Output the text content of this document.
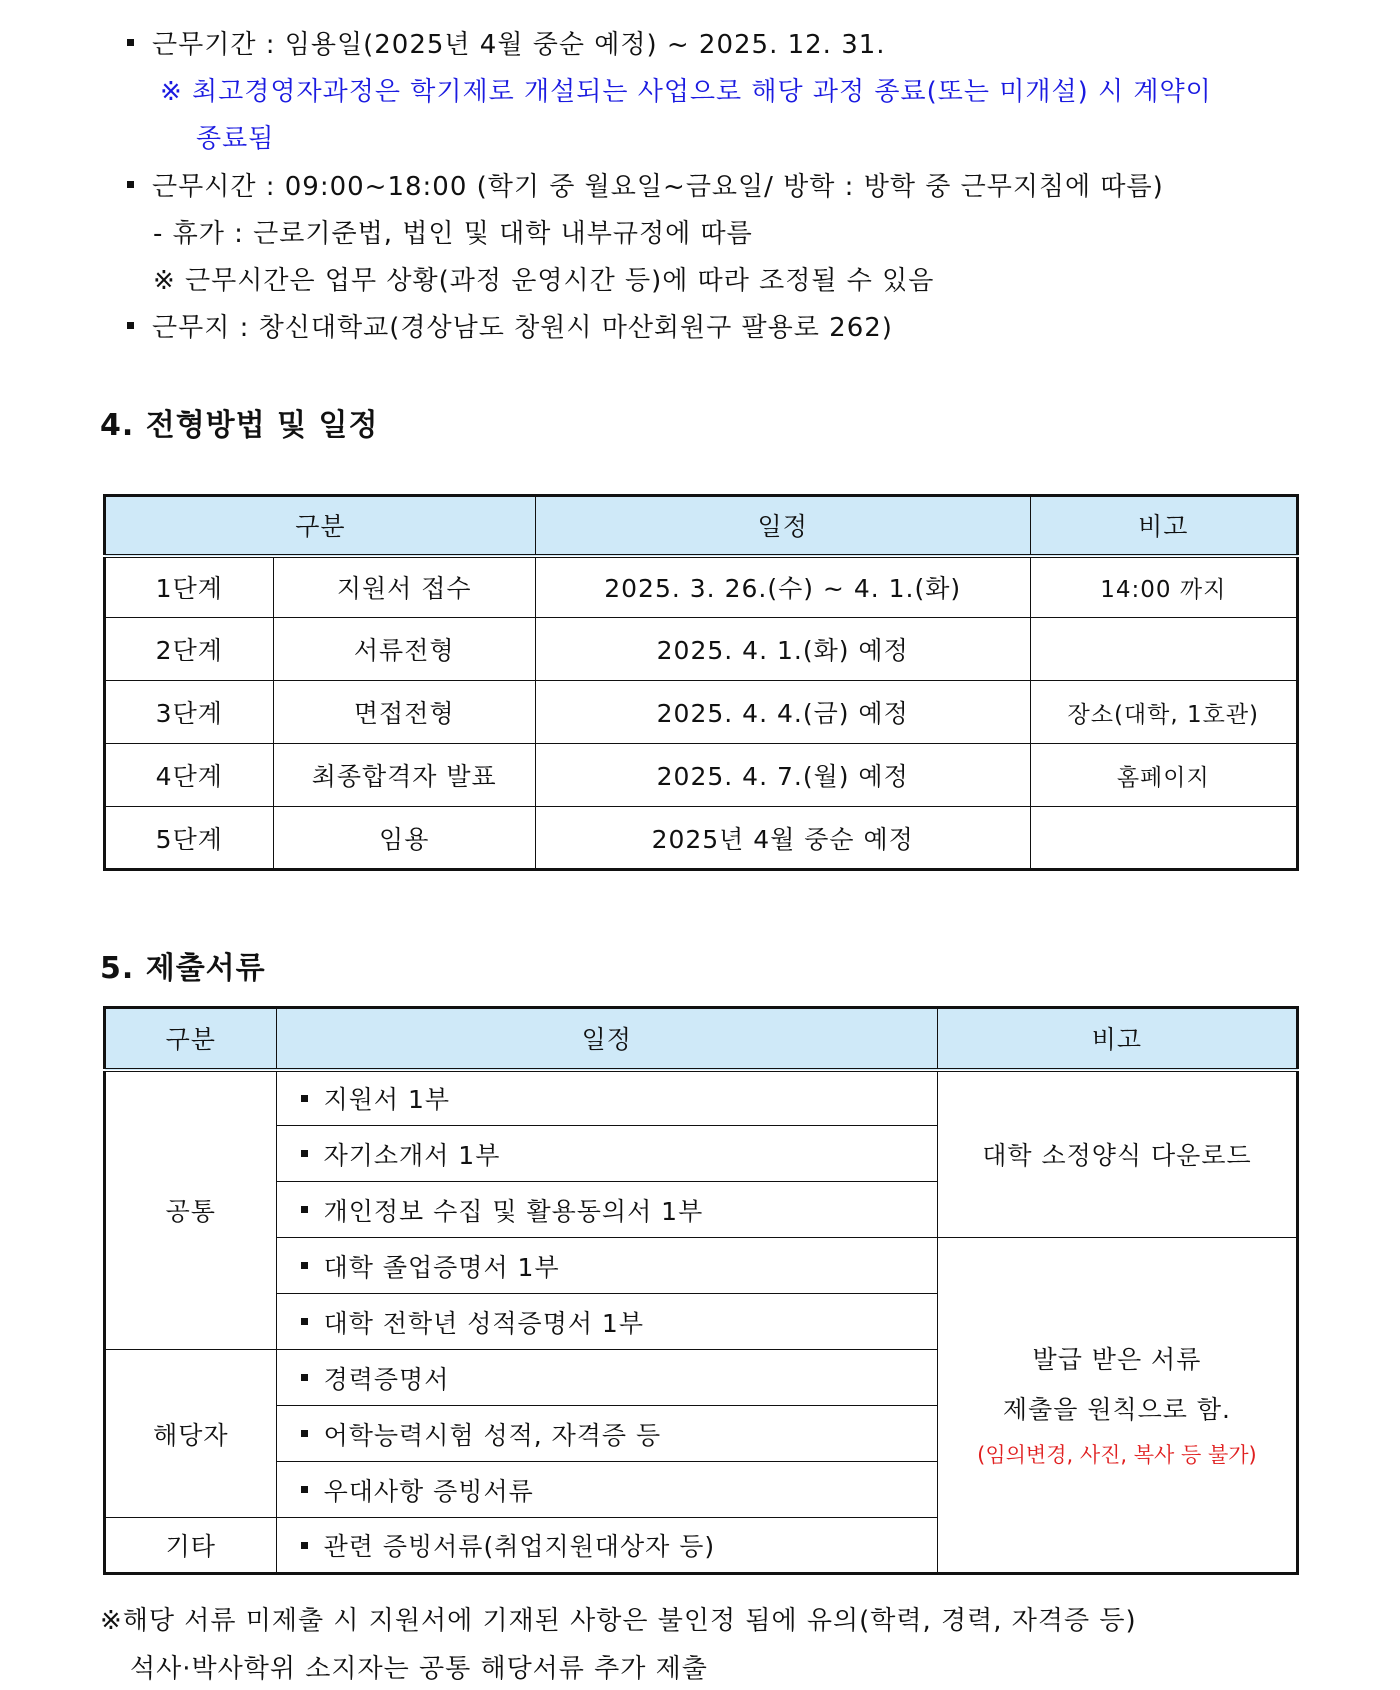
근무기간 : 임용일(2025년 4월 중순 예정) ~ 2025. 12. 31.
※ 최고경영자과정은 학기제로 개설되는 사업으로 해당 과정 종료(또는 미개설) 시 계약이
종료됨
근무시간 : 09:00~18:00 (학기 중 월요일~금요일/ 방학 : 방학 중 근무지침에 따름)
- 휴가 : 근로기준법, 법인 및 대학 내부규정에 따름
※ 근무시간은 업무 상황(과정 운영시간 등)에 따라 조정될 수 있음
근무지 : 창신대학교(경상남도 창원시 마산회원구 팔용로 262)
4. 전형방법 및 일정
구분		일정	비고
1단계	지원서 접수	2025. 3. 26.(수) ~ 4. 1.(화)	14:00 까지
2단계	서류전형	2025. 4. 1.(화) 예정	
3단계	면접전형	2025. 4. 4.(금) 예정	장소(대학, 1호관)
4단계	최종합격자 발표	2025. 4. 7.(월) 예정	홈페이지
5단계	임용	2025년 4월 중순 예정	
5. 제출서류
구분	일정	비고
공통	지원서 1부	대학 소정양식 다운로드
	자기소개서 1부	
	개인정보 수집 및 활용동의서 1부	
	대학 졸업증명서 1부	발급 받은 서류
제출을 원칙으로 함.
(임의변경, 사진, 복사 등 불가)

	대학 전학년 성적증명서 1부	
해당자	경력증명서	
	어학능력시험 성적, 자격증 등	
	우대사항 증빙서류	
기타	관련 증빙서류(취업지원대상자 등)	
※해당 서류 미제출 시 지원서에 기재된 사항은 불인정 됨에 유의(학력, 경력, 자격증 등)
석사·박사학위 소지자는 공통 해당서류 추가 제출
